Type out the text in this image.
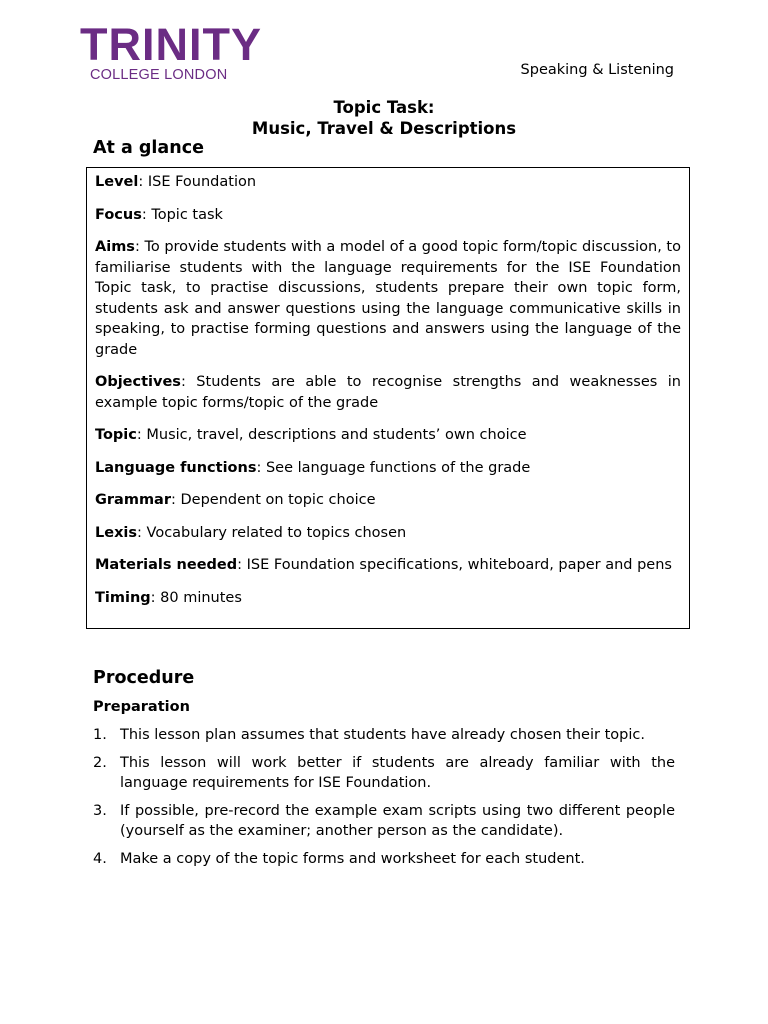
TRINITY
COLLEGE LONDON	Speaking & Listening
Topic Task:
Music, Travel & Descriptions
At a glance
Level: ISE Foundation
Focus: Topic task
Aims: To provide students with a model of a good topic form/topic discussion, to familiarise students with the language requirements for the ISE Foundation Topic task, to practise discussions, students prepare their own topic form, students ask and answer questions using the language communicative skills in speaking, to practise forming questions and answers using the language of the grade
Objectives: Students are able to recognise strengths and weaknesses in example topic forms/topic of the grade
Topic: Music, travel, descriptions and students’ own choice
Language functions: See language functions of the grade
Grammar: Dependent on topic choice
Lexis: Vocabulary related to topics chosen
Materials needed: ISE Foundation specifications, whiteboard, paper and pens
Timing: 80 minutes
Procedure
Preparation
1. This lesson plan assumes that students have already chosen their topic.
2. This lesson will work better if students are already familiar with the language requirements for ISE Foundation.
3. If possible, pre-record the example exam scripts using two different people (yourself as the examiner; another person as the candidate).
4. Make a copy of the topic forms and worksheet for each student.
